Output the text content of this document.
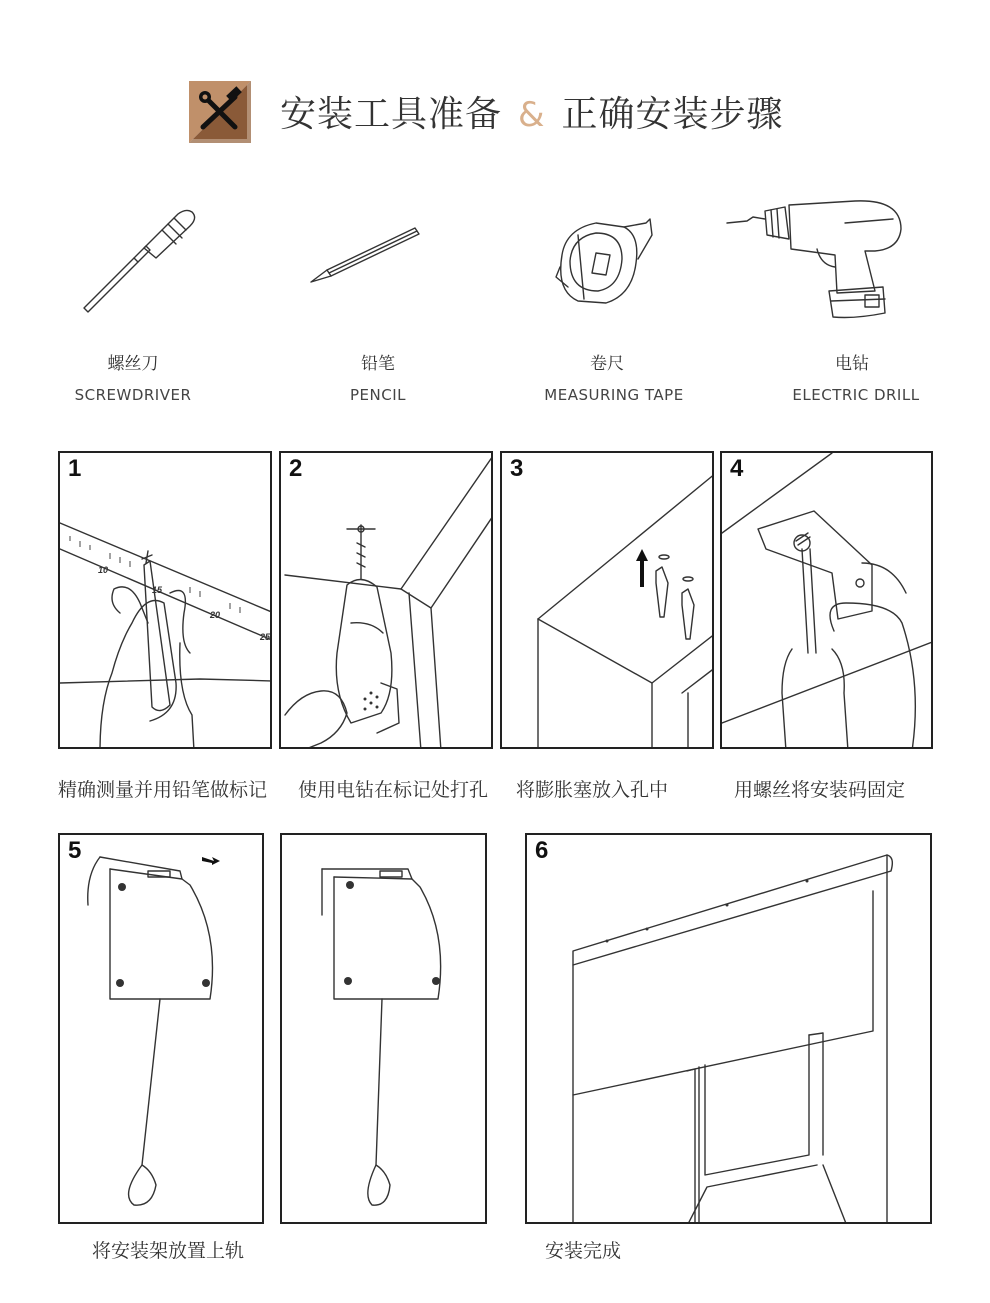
安装工具准备 & 正确安装步骤
螺丝刀
SCREWDRIVER
铅笔
PENCIL
卷尺
MEASURING TAPE
电钻
ELECTRIC DRILL
10
15
20
25
1
精确测量并用铅笔做标记
2
使用电钻在标记处打孔
3
将膨胀塞放入孔中
4
用螺丝将安装码固定
5
将安装架放置上轨
6
安装完成
